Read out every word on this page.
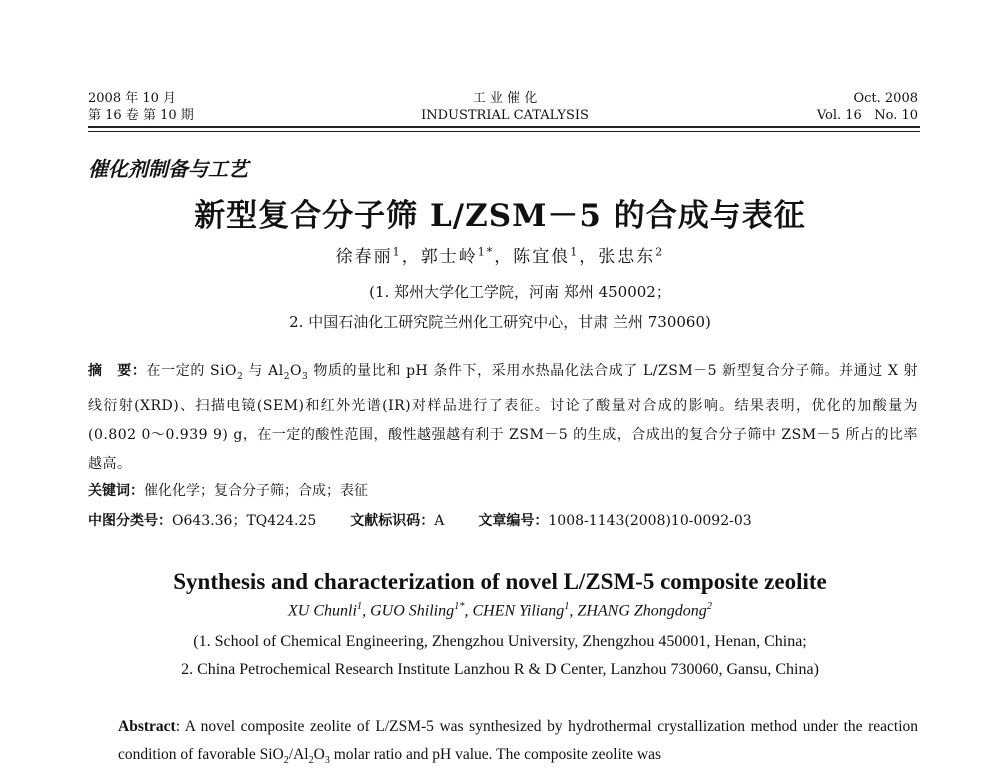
2008 年 10 月
第 16 卷 第 10 期
工 业 催 化
INDUSTRIAL CATALYSIS
Oct. 2008
Vol. 16   No. 10
催化剂制备与工艺
新型复合分子筛 L/ZSM－5 的合成与表征
徐春丽$^1$，郭士岭$^{1*}$，陈宜俍$^1$，张忠东$^2$
(1. 郑州大学化工学院，河南 郑州 450002；
2. 中国石油化工研究院兰州化工研究中心，甘肃 兰州 730060)
摘　要：在一定的 SiO$_2$ 与 $Al_2O_3$ 物质的量比和 pH 条件下，采用水热晶化法合成了 L/ZSM－5 新型复合分子筛。并通过 X 射线衍射(XRD)、扫描电镜(SEM)和红外光谱(IR)对样品进行了表征。讨论了酸量对合成的影响。结果表明，优化的加酸量为(0.802 0～0.939 9) g，在一定的酸性范围，酸性越强越有利于 ZSM－5 的生成，合成出的复合分子筛中 ZSM－5 所占的比率越高。
关键词：催化化学；复合分子筛；合成；表征
中图分类号：O643.36；TQ424.25 文献标识码：A 文章编号：1008-1143(2008)10-0092-03
Synthesis and characterization of novel L/ZSM-5 composite zeolite
XU Chunli$^1$, GUO Shiling$^{1*}$, CHEN Yiliang$^1$, ZHANG Zhongdong$^2$
(1. School of Chemical Engineering, Zhengzhou University, Zhengzhou 450001, Henan, China;
2. China Petrochemical Research Institute Lanzhou R & D Center, Lanzhou 730060, Gansu, China)
Abstract: A novel composite zeolite of L/ZSM-5 was synthesized by hydrothermal crystallization method under the reaction condition of favorable $SiO_2/Al_2O_3$ molar ratio and pH value. The composite zeolite was
